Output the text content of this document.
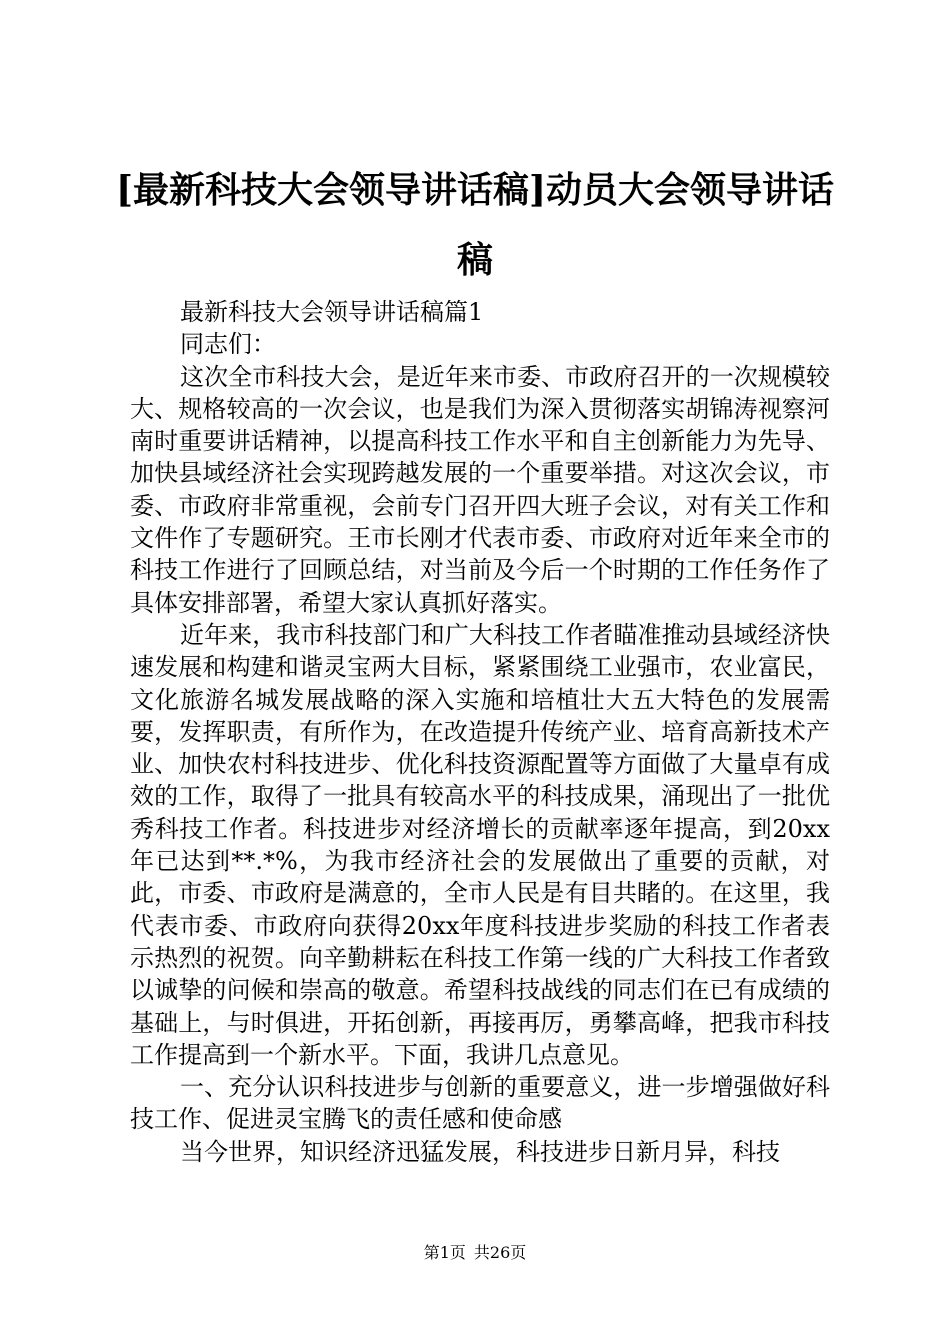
[最新科技大会领导讲话稿]动员大会领导讲话稿

最新科技大会领导讲话稿篇1

同志们：

这次全市科技大会，是近年来市委、市政府召开的一次规模较大、规格较高的一次会议，也是我们为深入贯彻落实胡锦涛视察河南时重要讲话精神，以提高科技工作水平和自主创新能力为先导、加快县域经济社会实现跨越发展的一个重要举措。对这次会议，市委、市政府非常重视，会前专门召开四大班子会议，对有关工作和文件作了专题研究。王市长刚才代表市委、市政府对近年来全市的科技工作进行了回顾总结，对当前及今后一个时期的工作任务作了具体安排部署，希望大家认真抓好落实。

近年来，我市科技部门和广大科技工作者瞄准推动县域经济快速发展和构建和谐灵宝两大目标，紧紧围绕工业强市，农业富民，文化旅游名城发展战略的深入实施和培植壮大五大特色的发展需要，发挥职责，有所作为，在改造提升传统产业、培育高新技术产业、加快农村科技进步、优化科技资源配置等方面做了大量卓有成效的工作，取得了一批具有较高水平的科技成果，涌现出了一批优秀科技工作者。科技进步对经济增长的贡献率逐年提高，到20xx年已达到**.*%，为我市经济社会的发展做出了重要的贡献，对此，市委、市政府是满意的，全市人民是有目共睹的。在这里，我代表市委、市政府向获得20xx年度科技进步奖励的科技工作者表示热烈的祝贺。向辛勤耕耘在科技工作第一线的广大科技工作者致以诚挚的问候和崇高的敬意。希望科技战线的同志们在已有成绩的基础上，与时俱进，开拓创新，再接再厉，勇攀高峰，把我市科技工作提高到一个新水平。下面，我讲几点意见。

一、充分认识科技进步与创新的重要意义，进一步增强做好科技工作、促进灵宝腾飞的责任感和使命感

当今世界，知识经济迅猛发展，科技进步日新月异，科技

第1页 共26页
